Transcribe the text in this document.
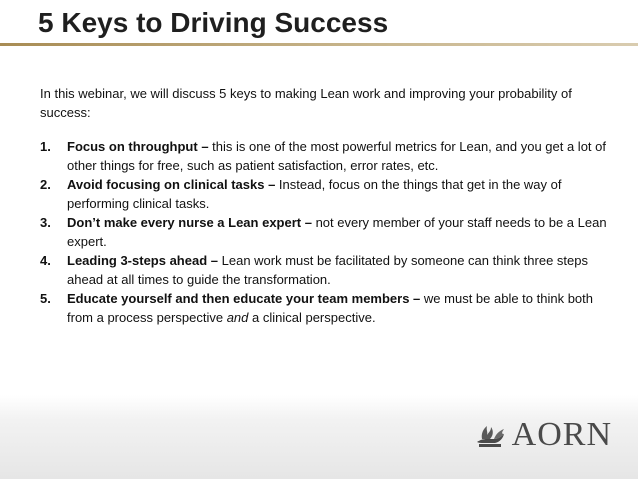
5 Keys to Driving Success

In this webinar, we will discuss 5 keys to making Lean work and improving your probability of success:

1.	Focus on throughput – this is one of the most powerful metrics for Lean, and you get a lot of other things for free, such as patient satisfaction, error rates, etc.
2.	Avoid focusing on clinical tasks – Instead, focus on the things that get in the way of performing clinical tasks.
3.	Don’t make every nurse a Lean expert – not every member of your staff needs to be a Lean expert.
4.	Leading 3-steps ahead – Lean work must be facilitated by someone can think three steps ahead at all times to guide the transformation.
5.	Educate yourself and then educate your team members – we must be able to think both from a process perspective and a clinical perspective.
AORN
